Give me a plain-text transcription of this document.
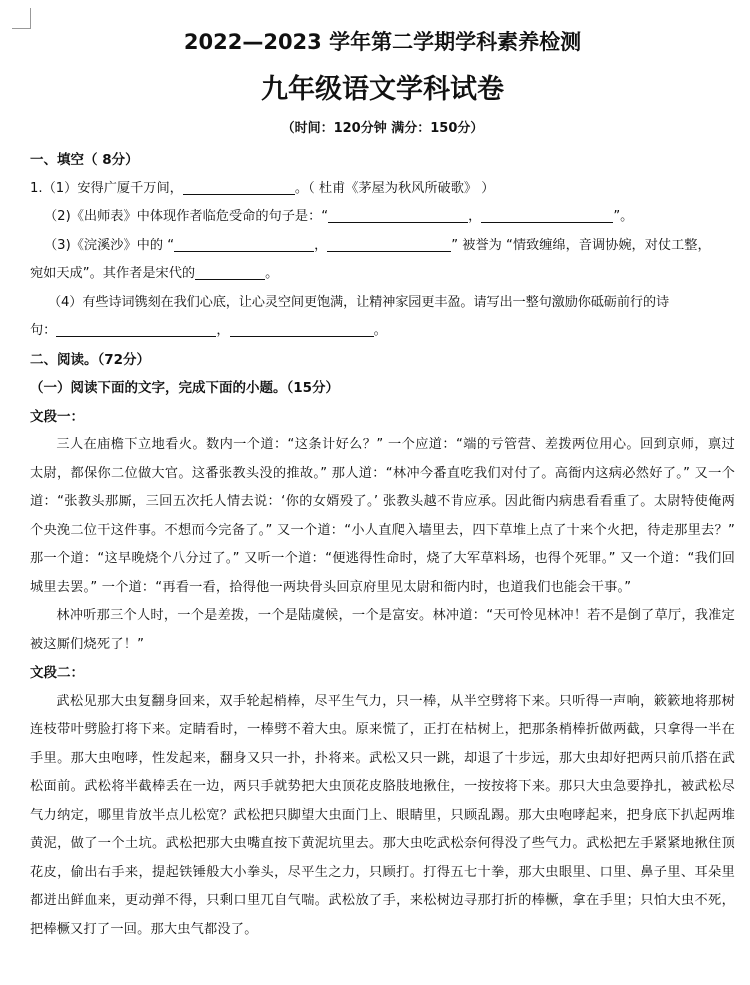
2022—2023 学年第二学期学科素养检测
九年级语文学科试卷
（时间：120分钟 满分：150分）

一、填空（ 8分）

1.（1）安得广厦千万间，	。（ 杜甫《茅屋为秋风所破歌》 ）

（2)《出师表》中体现作者临危受命的句子是：“	，	”。

（3)《浣溪沙》中的 “	，	” 被誉为 “情致缠绵，音调协婉，对仗工整，

宛如天成”。其作者是宋代的	。

（4）有些诗词镌刻在我们心底，让心灵空间更饱满，让精神家园更丰盈。请写出一整句激励你砥砺前行的诗

句：	，	。

二、阅读。（72分）

（一）阅读下面的文字，完成下面的小题。（15分）

文段一：

三人在庙檐下立地看火。数内一个道：“这条计好么？” 一个应道：“端的亏管营、差拨两位用心。回到京师，禀过太尉，都保你二位做大官。这番张教头没的推故。” 那人道：“林冲今番直吃我们对付了。高衙内这病必然好了。” 又一个道：“张教头那厮，三回五次托人情去说：‘你的女婿殁了。’ 张教头越不肯应承。因此衙内病患看看重了。太尉特使俺两个央浼二位干这件事。不想而今完备了。” 又一个道：“小人直爬入墙里去，四下草堆上点了十来个火把，待走那里去？” 那一个道：“这早晚烧个八分过了。” 又听一个道：“便逃得性命时，烧了大军草料场，也得个死罪。” 又一个道：“我们回城里去罢。” 一个道：“再看一看，拾得他一两块骨头回京府里见太尉和衙内时，也道我们也能会干事。”

林冲听那三个人时，一个是差拨，一个是陆虞候，一个是富安。林冲道：“天可怜见林冲！若不是倒了草厅，我准定被这厮们烧死了！”

文段二：

武松见那大虫复翻身回来，双手轮起梢棒，尽平生气力，只一棒，从半空劈将下来。只听得一声响，簌簌地将那树连枝带叶劈脸打将下来。定睛看时，一棒劈不着大虫。原来慌了，正打在枯树上，把那条梢棒折做两截，只拿得一半在手里。那大虫咆哮，性发起来，翻身又只一扑，扑将来。武松又只一跳，却退了十步远，那大虫却好把两只前爪搭在武松面前。武松将半截棒丢在一边，两只手就势把大虫顶花皮胳肢地揪住，一按按将下来。那只大虫急要挣扎，被武松尽气力纳定，哪里肯放半点儿松宽？武松把只脚望大虫面门上、眼睛里，只顾乱踢。那大虫咆哮起来，把身底下扒起两堆黄泥，做了一个土坑。武松把那大虫嘴直按下黄泥坑里去。那大虫吃武松奈何得没了些气力。武松把左手紧紧地揪住顶花皮，偷出右手来，提起铁锤般大小拳头，尽平生之力，只顾打。打得五七十拳，那大虫眼里、口里、鼻子里、耳朵里都迸出鲜血来，更动弹不得，只剩口里兀自气喘。武松放了手，来松树边寻那打折的棒橛，拿在手里；只怕大虫不死，把棒橛又打了一回。那大虫气都没了。
